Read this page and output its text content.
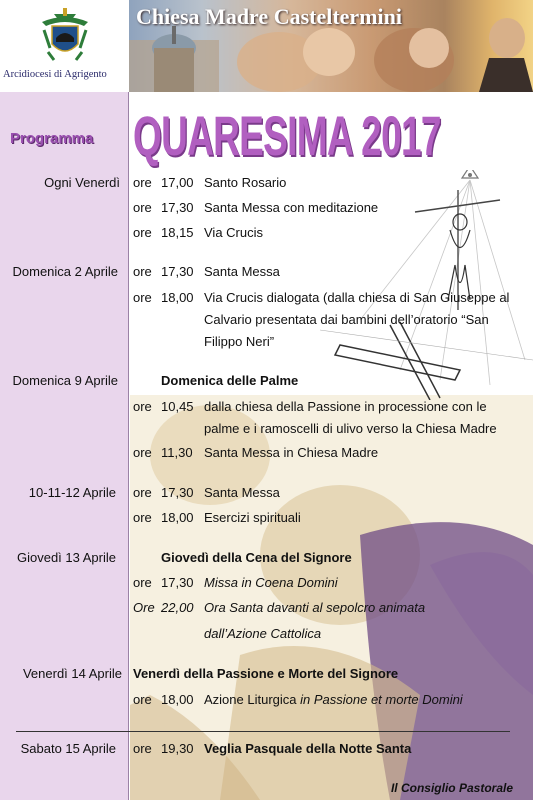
Arcidiocesi di Agrigento
Chiesa Madre Casteltermini
Programma QUARESIMA 2017
Ogni Venerdì ore 17,00 Santo Rosario
ore 17,30 Santa Messa con meditazione
ore 18,15 Via Crucis
Domenica 2 Aprile ore 17,30 Santa Messa
ore 18,00 Via Crucis dialogata (dalla chiesa di San Giuseppe al
Calvario presentata dai bambini dell’oratorio “San
Filippo Neri”
Domenica 9 Aprile	Domenica delle Palme
ore 10,45 dalla chiesa della Passione in processione con le
palme e i ramoscelli di ulivo verso la Chiesa Madre
ore 11,30 Santa Messa in Chiesa Madre
10-11-12 Aprile ore 17,30 Santa Messa
ore 18,00 Esercizi spirituali
Giovedì 13 Aprile	Giovedì della Cena del Signore
ore 17,30 Missa in Coena Domini
Ore 22,00 Ora Santa davanti al sepolcro animata
dall’Azione Cattolica
Venerdì 14 Aprile Venerdì della Passione e Morte del Signore
ore 18,00 Azione Liturgica in Passione et morte Domini
Sabato 15 Aprile ore 19,30 Veglia Pasquale della Notte Santa
Il Consiglio Pastorale
